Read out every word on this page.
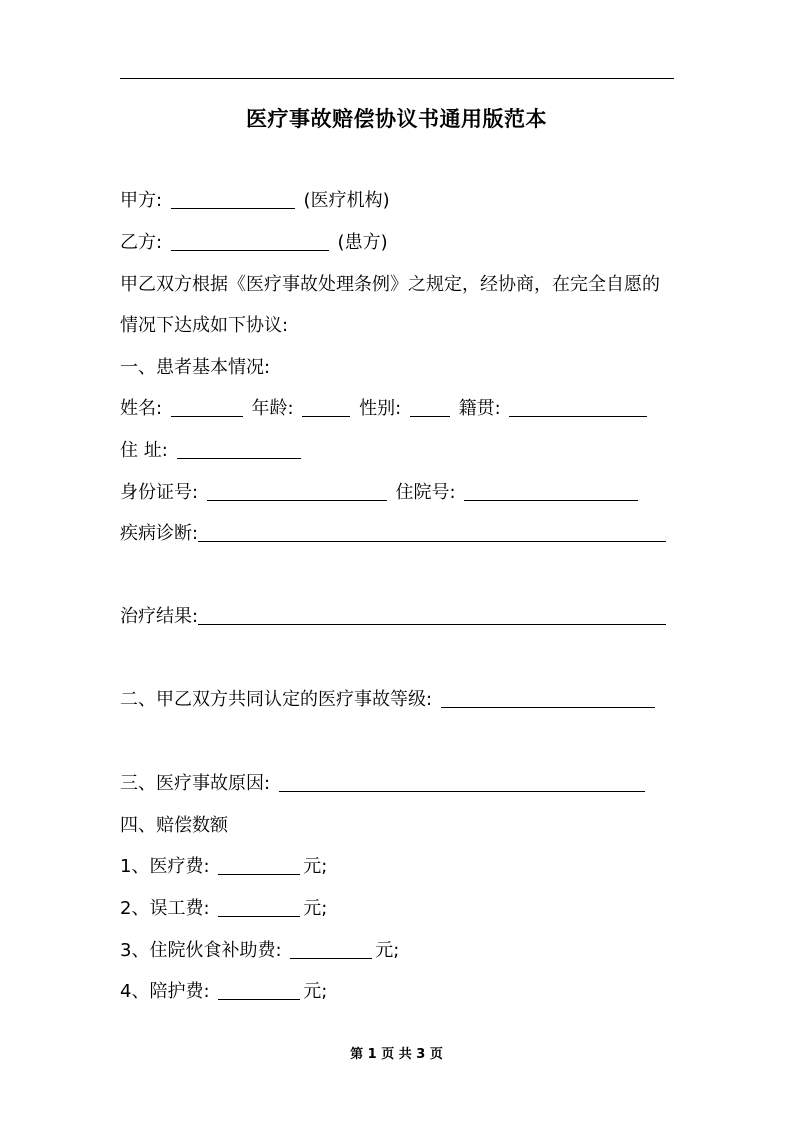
医疗事故赔偿协议书通用版范本
甲方:	(医疗机构)
乙方:	(患方)
甲乙双方根据《医疗事故处理条例》之规定，经协商，在完全自愿的
情况下达成如下协议:
一、患者基本情况:
姓名:	年龄:	性别:	籍贯:
住 址:
身份证号:	住院号:
疾病诊断:
治疗结果:
二、甲乙双方共同认定的医疗事故等级:
三、医疗事故原因:
四、赔偿数额
1、医疗费:	元;
2、误工费:	元;
3、住院伙食补助费:	元;
4、陪护费:	元;
第 1 页 共 3 页
